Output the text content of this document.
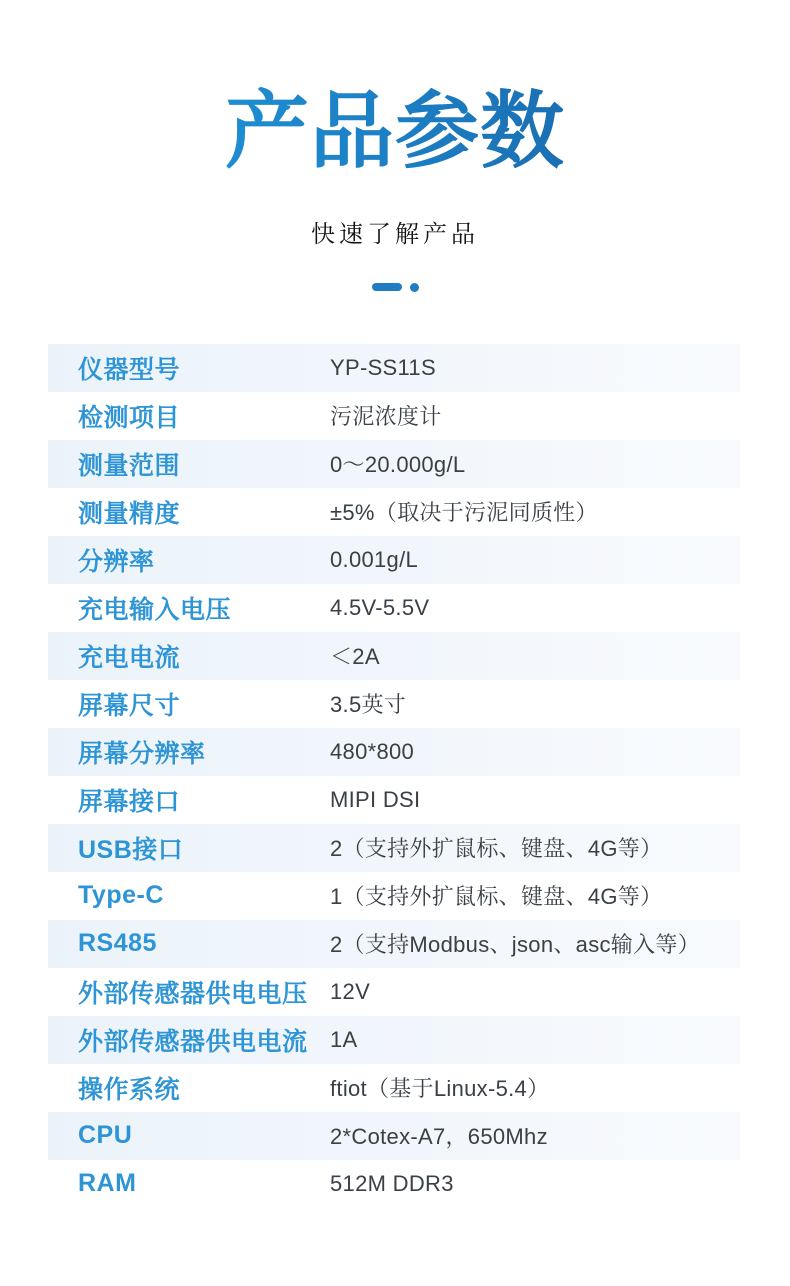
产品参数
快速了解产品
仪器型号	YP-SS11S
检测项目	污泥浓度计
测量范围	0～20.000g/L
测量精度	±5%（取决于污泥同质性）
分辨率	0.001g/L
充电输入电压	4.5V-5.5V
充电电流	＜2A
屏幕尺寸	3.5英寸
屏幕分辨率	480*800
屏幕接口	MIPI DSI
USB接口	2（支持外扩鼠标、键盘、4G等）
Type-C	1（支持外扩鼠标、键盘、4G等）
RS485	2（支持Modbus、json、asc输入等）
外部传感器供电电压	12V
外部传感器供电电流	1A
操作系统	ftiot（基于Linux-5.4）
CPU	2*Cotex-A7，650Mhz
RAM	512M DDR3
